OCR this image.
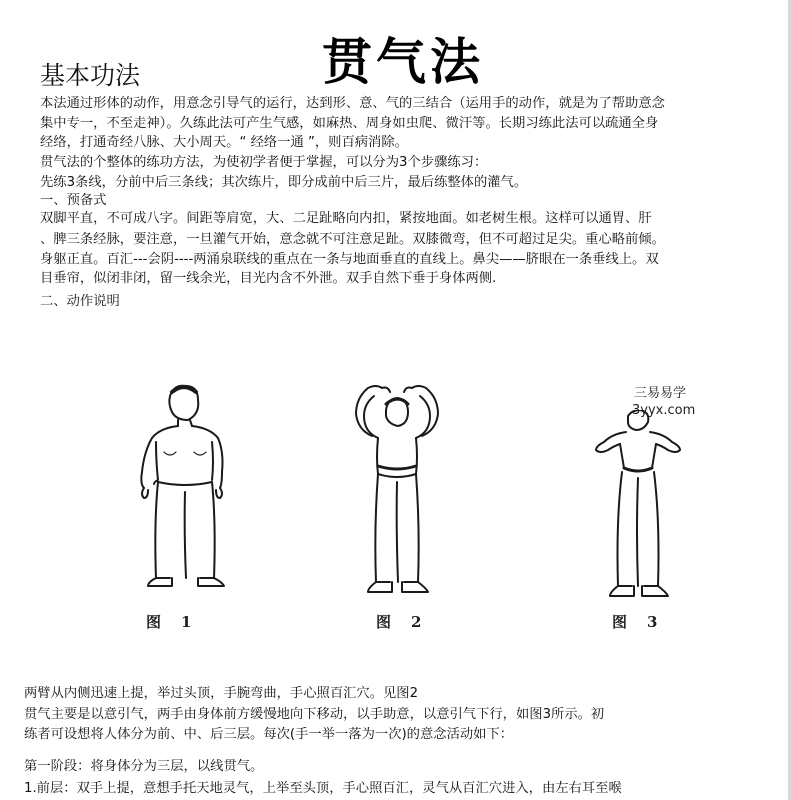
贯气法
基本功法
本法通过形体的动作，用意念引导气的运行，达到形、意、气的三结合（运用手的动作，就是为了帮助意念
集中专一，不至走神）。久练此法可产生气感，如麻热、周身如虫爬、微汗等。长期习练此法可以疏通全身
经络，打通奇经八脉、大小周天。“ 经络一通 ”，则百病消除。
贯气法的个整体的练功方法，为使初学者便于掌握，可以分为3个步骤练习：
先练3条线，分前中后三条线；其次练片，即分成前中后三片，最后练整体的灌气。
一、预备式
双脚平直，不可成八字。间距等肩宽，大、二足趾略向内扣，紧按地面。如老树生根。这样可以通胃、肝
、脾三条经脉，要注意，一旦灌气开始，意念就不可注意足趾。双膝微弯，但不可超过足尖。重心略前倾。
身躯正直。百汇---会阴----两涌泉联线的重点在一条与地面垂直的直线上。鼻尖——脐眼在一条垂线上。双
目垂帘，似闭非闭，留一线余光，目光内含不外泄。双手自然下垂于身体两侧.
二、动作说明
图1	图2	图3
三易易学
3yyx.com
两臂从内侧迅速上提，举过头顶，手腕弯曲，手心照百汇穴。见图2
贯气主要是以意引气，两手由身体前方缓慢地向下移动，以手助意，以意引气下行，如图3所示。初
练者可设想将人体分为前、中、后三层。每次(手一举一落为一次)的意念活动如下：
第一阶段：将身体分为三层，以线贯气。
1.前层：双手上提，意想手托天地灵气，上举至头顶，手心照百汇，灵气从百汇穴进入，由左右耳至喉
